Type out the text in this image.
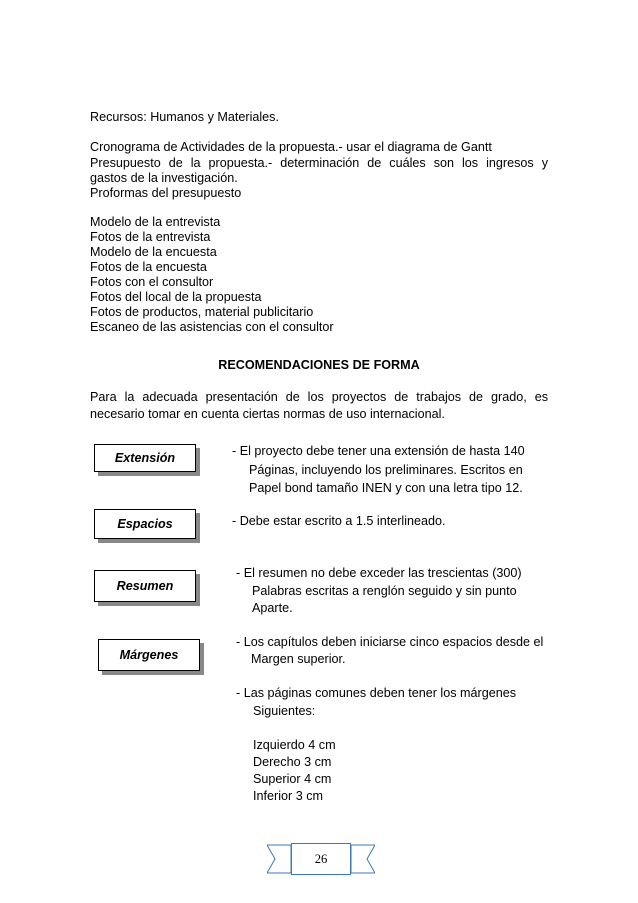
Recursos: Humanos y Materiales.
Cronograma de Actividades de la propuesta.- usar el diagrama de Gantt
Presupuesto de la propuesta.- determinación de cuáles son los ingresos y
gastos de la investigación.
Proformas del presupuesto
Modelo de la entrevista
Fotos de la entrevista
Modelo de la encuesta
Fotos de la encuesta
Fotos con el consultor
Fotos del local de la propuesta
Fotos de productos, material publicitario
Escaneo de las asistencias con el consultor
RECOMENDACIONES DE FORMA
Para la adecuada presentación de los proyectos de trabajos de grado, es
necesario tomar en cuenta ciertas normas de uso internacional.
Extensión	- El proyecto debe tener una extensión de hasta 140
Páginas, incluyendo los preliminares. Escritos en
Papel bond tamaño INEN y con una letra tipo 12.
Espacios	- Debe estar escrito a 1.5 interlineado.
Resumen
- El resumen no debe exceder las trescientas (300)
Palabras escritas a renglón seguido y sin punto
Aparte.
Márgenes
- Los capítulos deben iniciarse cinco espacios desde el
Margen superior.
- Las páginas comunes deben tener los márgenes
Siguientes:
Izquierdo 4 cm
Derecho 3 cm
Superior 4 cm
Inferior 3 cm
26
